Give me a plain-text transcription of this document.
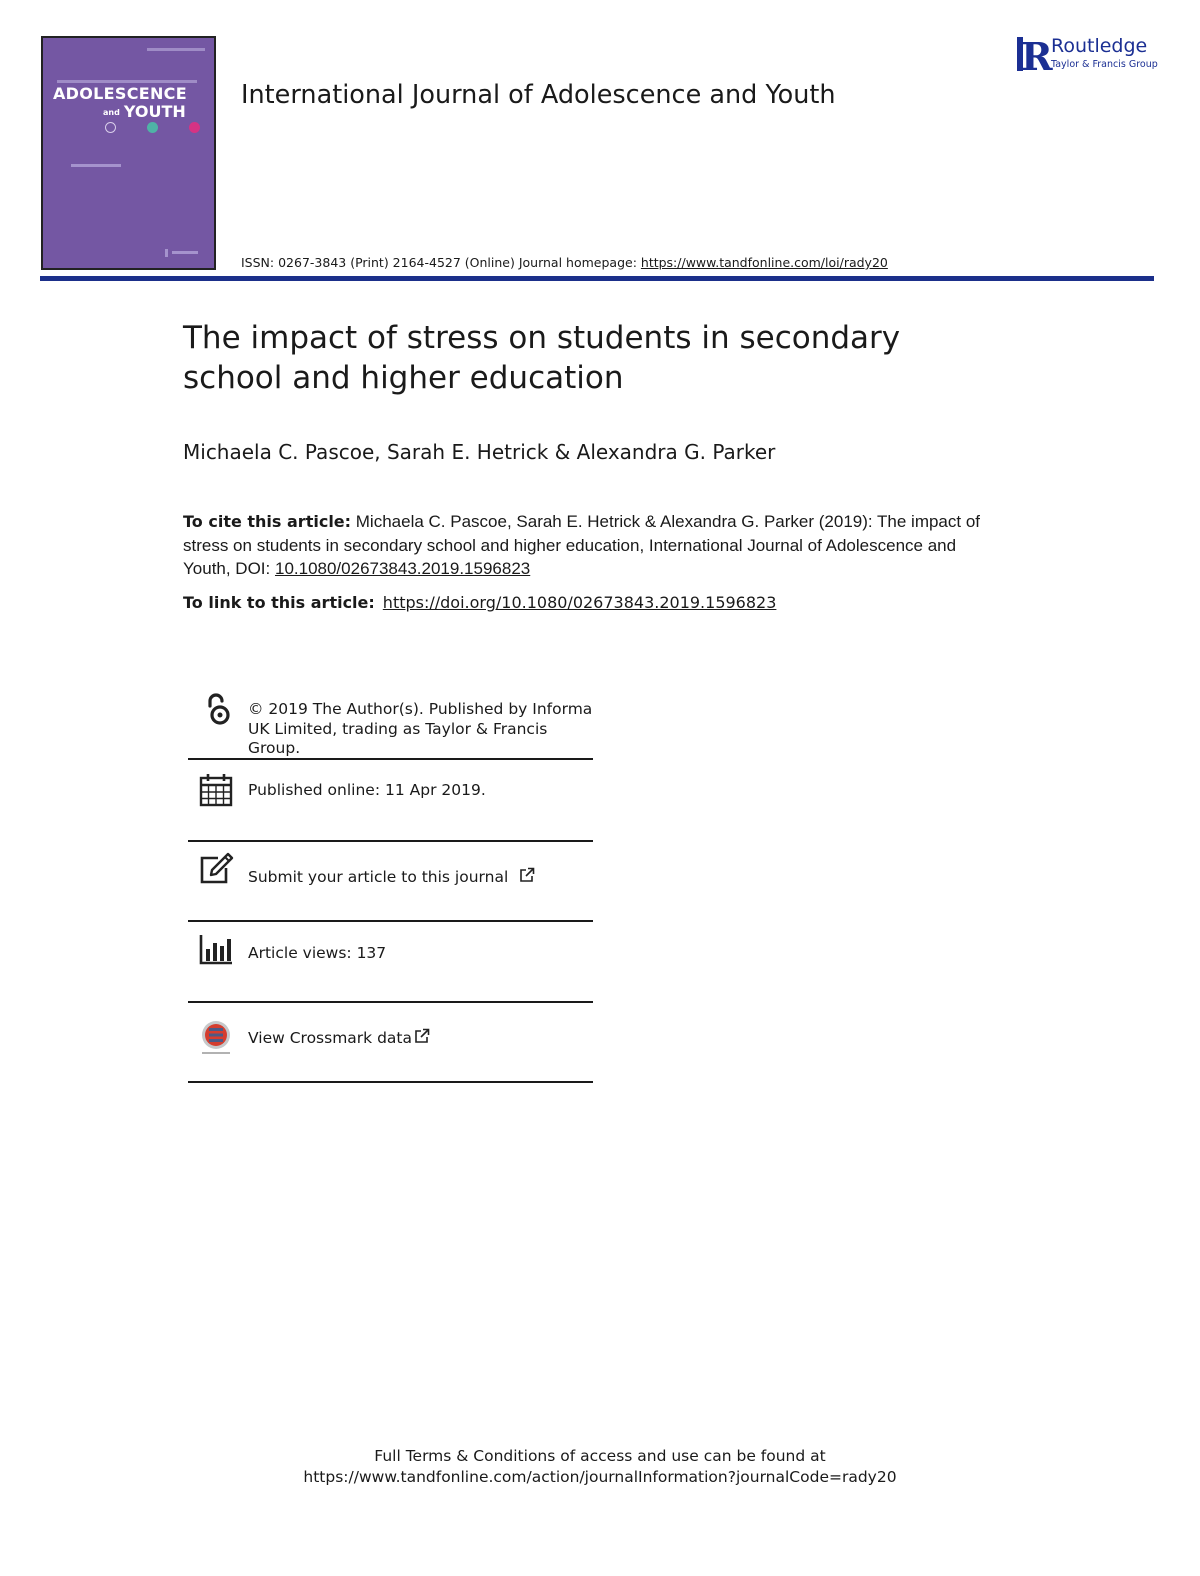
ADOLESCENCE
and YOUTH
International Journal of Adolescence and Youth
R
Routledge
Taylor & Francis Group
ISSN: 0267-3843 (Print) 2164-4527 (Online) Journal homepage: https://www.tandfonline.com/loi/rady20
The impact of stress on students in secondary school and higher education
Michaela C. Pascoe, Sarah E. Hetrick & Alexandra G. Parker
To cite this article: Michaela C. Pascoe, Sarah E. Hetrick & Alexandra G. Parker (2019): The impact of stress on students in secondary school and higher education, International Journal of Adolescence and Youth, DOI: 10.1080/02673843.2019.1596823
To link to this article: https://doi.org/10.1080/02673843.2019.1596823
© 2019 The Author(s). Published by Informa UK Limited, trading as Taylor & Francis Group.
Published online: 11 Apr 2019.
Submit your article to this journal
Article views: 137
View Crossmark data
Full Terms & Conditions of access and use can be found at
https://www.tandfonline.com/action/journalInformation?journalCode=rady20
